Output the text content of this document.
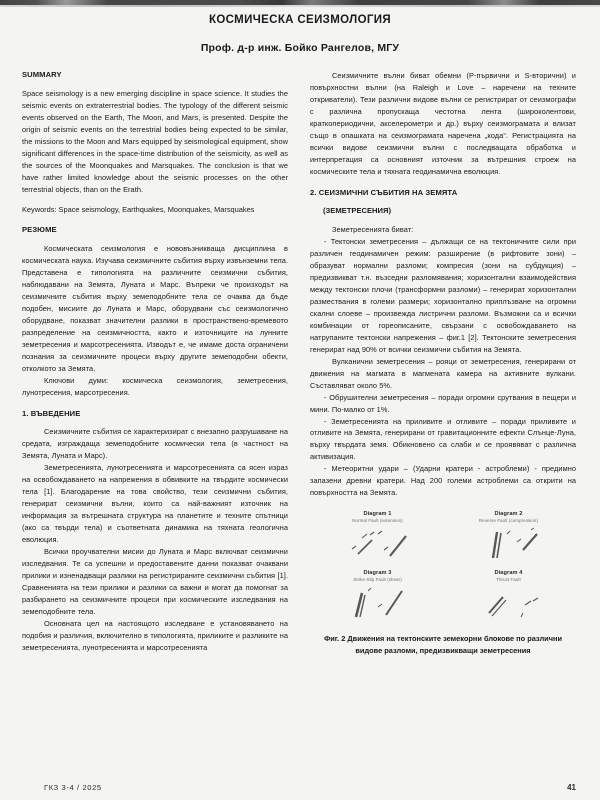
КОСМИЧЕСКА СЕИЗМОЛОГИЯ
Проф. д-р инж. Бойко Рангелов, МГУ
SUMMARY

Space seismology is a new emerging discipline in space science. It studies the seismic events on extraterrestrial bodies. The typology of the different seismic events observed on the Earth, The Moon, and Mars, is presented. Despite the origin of seismic events on the terrestrial bodies being expected to be similar, the missions to the Moon and Mars equipped by seismological equipment, show significant differences in the space-time distribution of the seismicity, as well as the sources of the Moonquakes and Marsquakes. The conclusion is that we have rather limited knowledge about the seismic processes on the other terrestrial objects, than on the Erath.

Keywords: Space seismology, Earthquakes, Moonquakes, Marsquakes

РЕЗЮМЕ

Космическата сеизмология е нововъзникваща дисциплина в космическата наука. Изучава сеизмичните събития върху извънземни тела. Представена е типологията на различните сеизмични събития, наблюдавани на Земята, Луната и Марс. Въпреки че произходът на сеизмичните събития върху земеподобните тела се очаква да бъде подобен, мисиите до Луната и Марс, оборудвани със сеизмологично оборудване, показват значителни разлики в пространствено-времевото разпределение на сеизмичността, както и източниците на лунните земетресения и марсотресенията. Изводът е, че имаме доста ограничени познания за сеизмичните процеси върху другите земеподобни обекти, отколкото за Земята.

Ключови думи: космическа сеизмология, земетресения, лунотресения, марсотресения.

1. ВЪВЕДЕНИЕ

Сеизмичните събития се характеризират с внезапно разрушаване на средата, изграждаща земеподобните космически тела (в частност на Земята, Луната и Марс).

Земетресенията, лунотресенията и марсотресенията са ясен израз на освобождаването на напрежения в обвивките на твърдите космически тела [1]. Благодарение на това свойство, тези сеизмични събития, генерират сеизмични вълни, които са най-важният източник на информация за вътрешната структура на планетите и техните спътници (ако са твърди тела) и съответната динамика на тяхната геологична еволюция.

Всички проучвателни мисии до Луната и Марс включват сеизмични изследвания. Те са успешни и предоставените данни показват очаквани прилики и изненадващи разлики на регистрираните сеизмични събития [1]. Сравненията на тези прилики и разлики са важни и могат да помогнат за разбирането на сеизмичните процеси при космическите изследвания на земеподобните тела.

Основната цел на настоящото изследване е установяването на подобия и различия, включително в типологията, приликите и разликите на земетресенията, лунотресенията и марсотресенията

Сеизмичните вълни биват обемни (P-първични и S-вторични) и повърхностни вълни (на Raleigh и Love – наречени на техните откриватели). Тези различни видове вълни се регистрират от сеизмографи с различна пропускаща честотна лента (широколентови, краткопериодични, акселерометри и др.) върху сеизмограмата и влизат също в опашката на сеизмограмата наречена „кода“. Регистрацията на всички видове сеизмични вълни с последващата обработка и интерпретация са основният източник за вътрешния строеж на космическите тела и тяхната геодинамична еволюция.

2. СЕИЗМИЧНИ СЪБИТИЯ НА ЗЕМЯТА
(ЗЕМЕТРЕСЕНИЯ)

Земетресенията биват:

- Тектонски земетресения – дължащи се на тектоничните сили при различен геодинамичен режим: разширение (в рифтовите зони) – образуват нормални разломи; компресия (зони на субдукция) – предизвикват т.н. възседни разломявания; хоризонтални взаимодействия между тектонски плочи (трансформни разломи) – генерират хоризонтални размествания в големи размери; хоризонтално приплъзване на огромни скални слоеве – произвежда листрични разломи. Възможни са и всички комбинации от гореописаните, свързани с освобождаването на натрупаните тектонски напрежения – фиг.1 [2]. Тектонските земетресения генерират над 90% от всички сеизмични събития на Земята.

Вулканични земетресения – рояци от земетресения, генерирани от движения на магмата в магмената камера на активните вулкани. Съставляват около 5%.

- Обрушителни земетресения – поради огромни срутвания в пещери и мини. По-малко от 1%.

- Земетресенията на приливите и отливите – поради приливите и отливите на Земята, генерирани от гравитационните ефекти Слънце-Луна, върху твърдата земя. Обикновено са слаби и се проявяват с различна активизация.

- Метеоритни удари – (Ударни кратери - астроблеми) - предимно запазени древни кратери. Над 200 големи астроблеми са открити на повърхността на Земята.

Diagram 1
Normal Fault (extension)
.
Diagram 2
Reverse Fault (compression)
Diagram 3
Strike-Slip Fault (shear)
Diagram 4
Thrust Fault
Фиг. 2 Движения на тектонските земекорни блокове по различни видове разломи, предизвикващи земетресения
ГКЗ 3-4 / 2025	41
